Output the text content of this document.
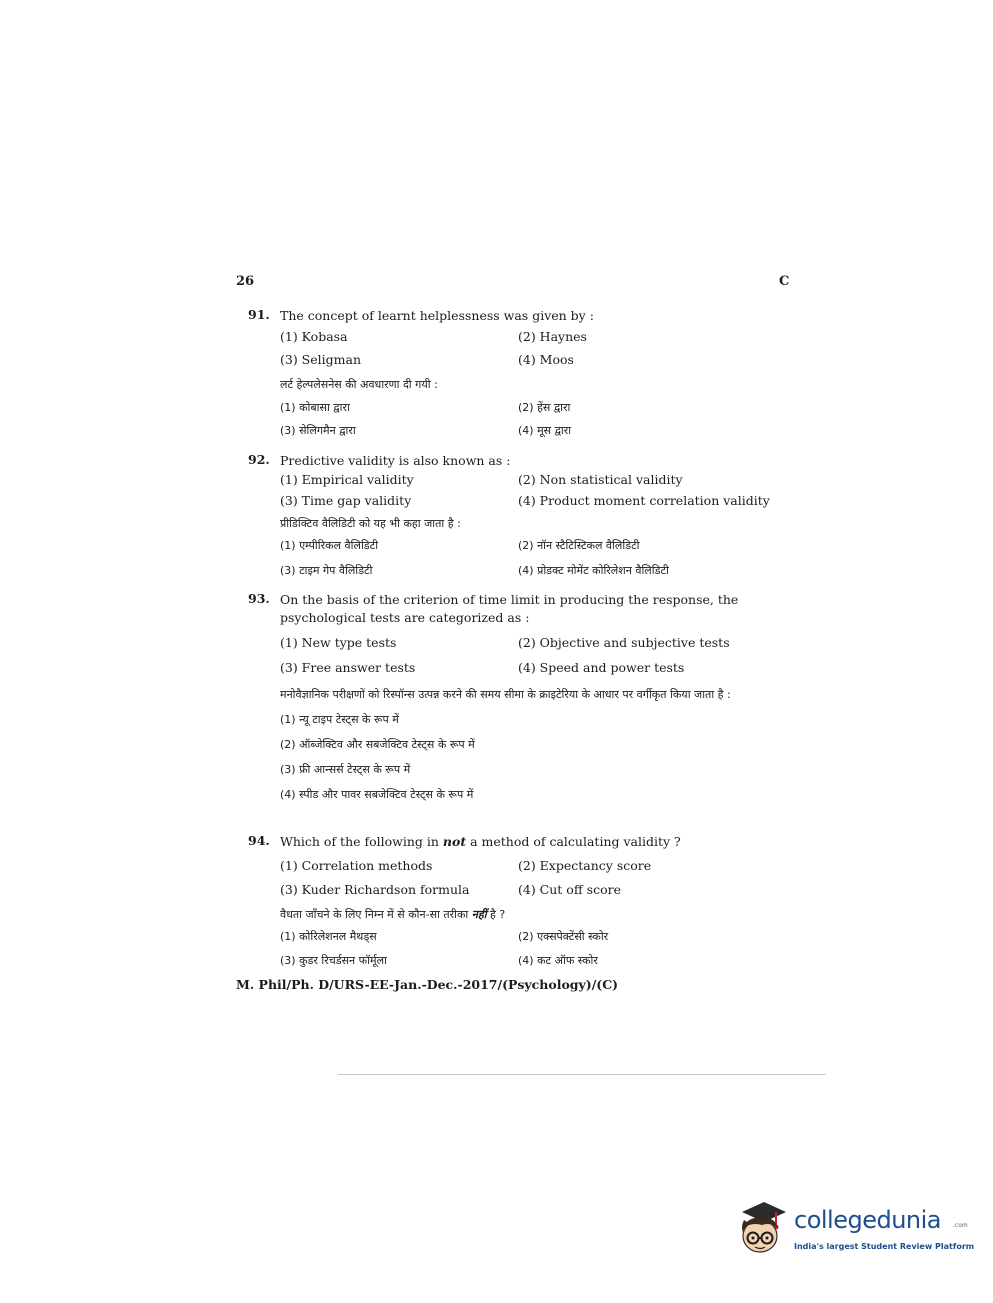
26	C
91. The concept of learnt helplessness was given by :
(1) Kobasa	(2) Haynes
(3) Seligman	(4) Moos
लर्ट हेल्पलेसनेस की अवधारणा दी गयी :
(1) कोबासा द्वारा	(2) हेंस द्वारा
(3) सेलिगमैन द्वारा	(4) मूस द्वारा
92. Predictive validity is also known as :
(1) Empirical validity	(2) Non statistical validity
(3) Time gap validity	(4) Product moment correlation validity
प्रीडिक्टिव वैलिडिटी को यह भी कहा जाता है :
(1) एम्पीरिकल वैलिडिटी	(2) नॉन स्टैटिस्टिकल वैलिडिटी
(3) टाइम गेप वैलिडिटी	(4) प्रोडक्ट मोमेंट कोरिलेशन वैलिडिटी
93. On the basis of the criterion of time limit in producing the response, the psychological tests are categorized as :
(1) New type tests	(2) Objective and subjective tests
(3) Free answer tests	(4) Speed and power tests
मनोवैज्ञानिक परीक्षणों को रिस्पॉन्स उत्पन्न करने की समय सीमा के क्राइटेरिया के आधार पर वर्गीकृत किया जाता है :
(1) न्यू टाइप टेस्ट्स के रूप में
(2) ऑब्जेक्टिव और सबजेक्टिव टेस्ट्स के रूप में
(3) फ्री आन्सर्स टेस्ट्स के रूप में
(4) स्पीड और पावर सबजेक्टिव टेस्ट्स के रूप में
94. Which of the following in not a method of calculating validity ?
(1) Correlation methods	(2) Expectancy score
(3) Kuder Richardson formula	(4) Cut off score
वैधता जाँचने के लिए निम्न में से कौन-सा तरीका नहीं है ?
(1) कोरिलेशनल मैथड्स	(2) एक्सपेक्टेंसी स्कोर
(3) कुडर रिचर्डसन फॉर्मूला	(4) कट ऑफ स्कोर
M. Phil/Ph. D/URS-EE-Jan.-Dec.-2017/(Psychology)/(C)
collegedunia .com
India's largest Student Review Platform
